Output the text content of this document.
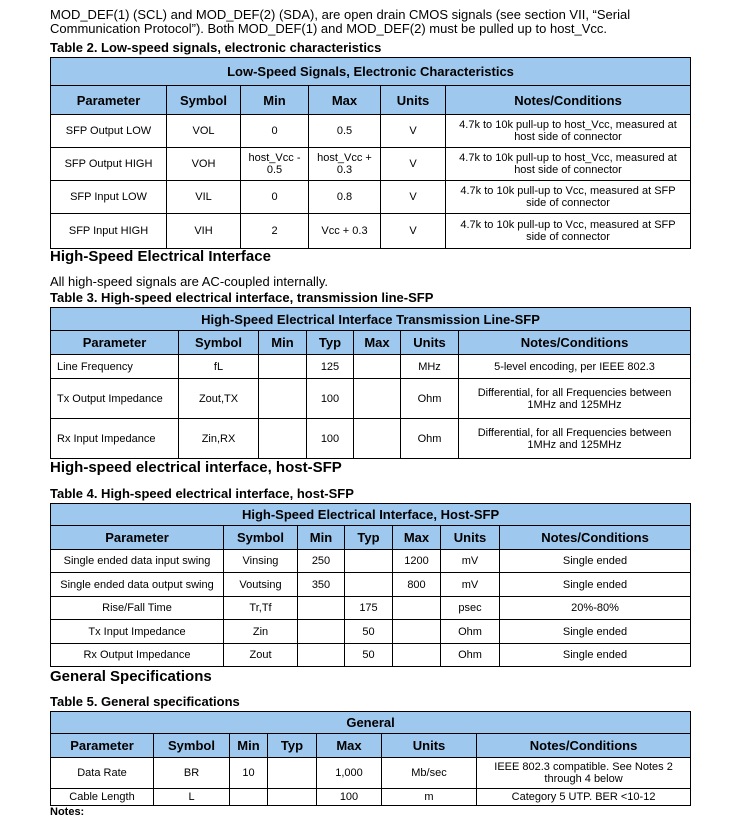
MOD_DEF(1) (SCL) and MOD_DEF(2) (SDA), are open drain CMOS signals (see section VII, “Serial Communication Protocol”). Both MOD_DEF(1) and MOD_DEF(2) must be pulled up to host_Vcc.
Table 2. Low-speed signals, electronic characteristics
Low-Speed Signals, Electronic Characteristics					
Parameter	Symbol	Min	Max	Units	Notes/Conditions
SFP Output LOW	VOL	0	0.5	V	4.7k to 10k pull-up to host_Vcc, measured at host side of connector
SFP Output HIGH	VOH	host_Vcc - 0.5	host_Vcc + 0.3	V	4.7k to 10k pull-up to host_Vcc, measured at host side of connector
SFP Input LOW	VIL	0	0.8	V	4.7k to 10k pull-up to Vcc, measured at SFP side of connector
SFP Input HIGH	VIH	2	Vcc + 0.3	V	4.7k to 10k pull-up to Vcc, measured at SFP side of connector
High-Speed Electrical Interface
All high-speed signals are AC-coupled internally.
Table 3. High-speed electrical interface, transmission line-SFP
High-Speed Electrical Interface Transmission Line-SFP						
Parameter	Symbol	Min	Typ	Max	Units	Notes/Conditions
Line Frequency	fL		125		MHz	5-level encoding, per IEEE 802.3
Tx Output Impedance	Zout,TX		100		Ohm	Differential, for all Frequencies between 1MHz and 125MHz
Rx Input Impedance	Zin,RX		100		Ohm	Differential, for all Frequencies between 1MHz and 125MHz
High-speed electrical interface, host-SFP
Table 4. High-speed electrical interface, host-SFP
High-Speed Electrical Interface, Host-SFP						
Parameter	Symbol	Min	Typ	Max	Units	Notes/Conditions
Single ended data input swing	Vinsing	250		1200	mV	Single ended
Single ended data output swing	Voutsing	350		800	mV	Single ended
Rise/Fall Time	Tr,Tf		175		psec	20%-80%
Tx Input Impedance	Zin		50		Ohm	Single ended
Rx Output Impedance	Zout		50		Ohm	Single ended
General Specifications
Table 5. General specifications
General						
Parameter	Symbol	Min	Typ	Max	Units	Notes/Conditions
Data Rate	BR	10		1,000	Mb/sec	IEEE 802.3 compatible. See Notes 2 through 4 below
Cable Length	L			100	m	Category 5 UTP. BER <10-12
Notes:
